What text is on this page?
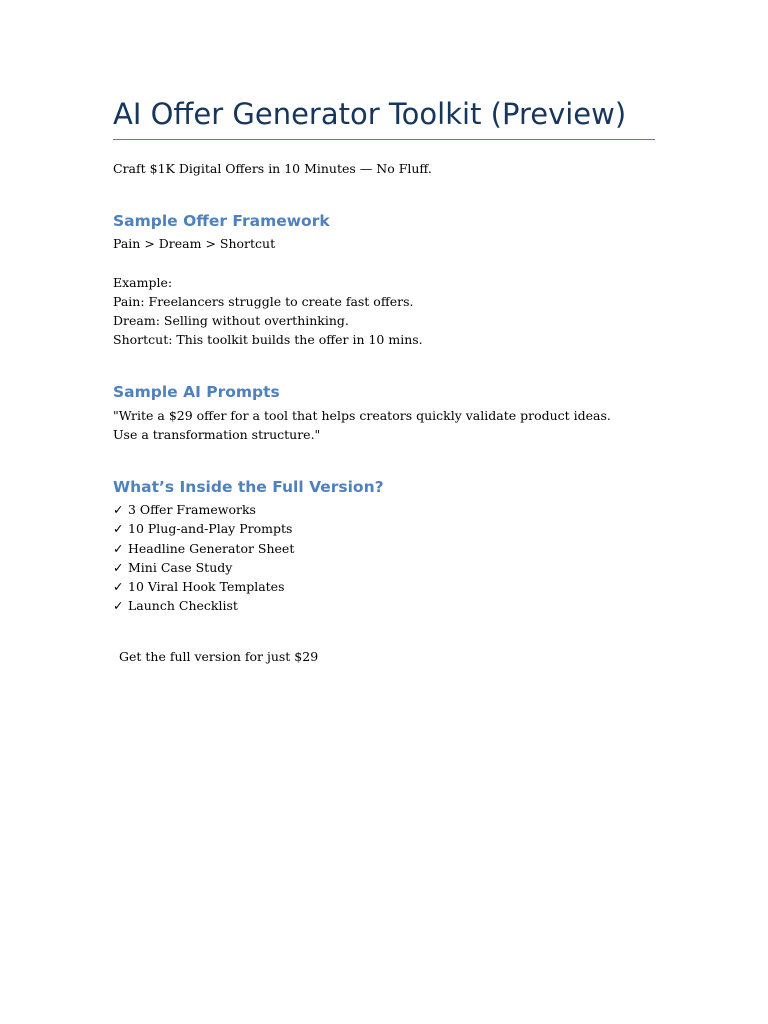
AI Offer Generator Toolkit (Preview)

Craft $1K Digital Offers in 10 Minutes — No Fluff.

Sample Offer Framework
Pain > Dream > Shortcut
Example:
Pain: Freelancers struggle to create fast offers.
Dream: Selling without overthinking.
Shortcut: This toolkit builds the offer in 10 mins.
Sample AI Prompts

"Write a $29 offer for a tool that helps creators quickly validate product ideas. Use a transformation structure."

What’s Inside the Full Version?
✓ 3 Offer Frameworks
✓ 10 Plug-and-Play Prompts
✓ Headline Generator Sheet
✓ Mini Case Study
✓ 10 Viral Hook Templates
✓ Launch Checklist

Get the full version for just $29
